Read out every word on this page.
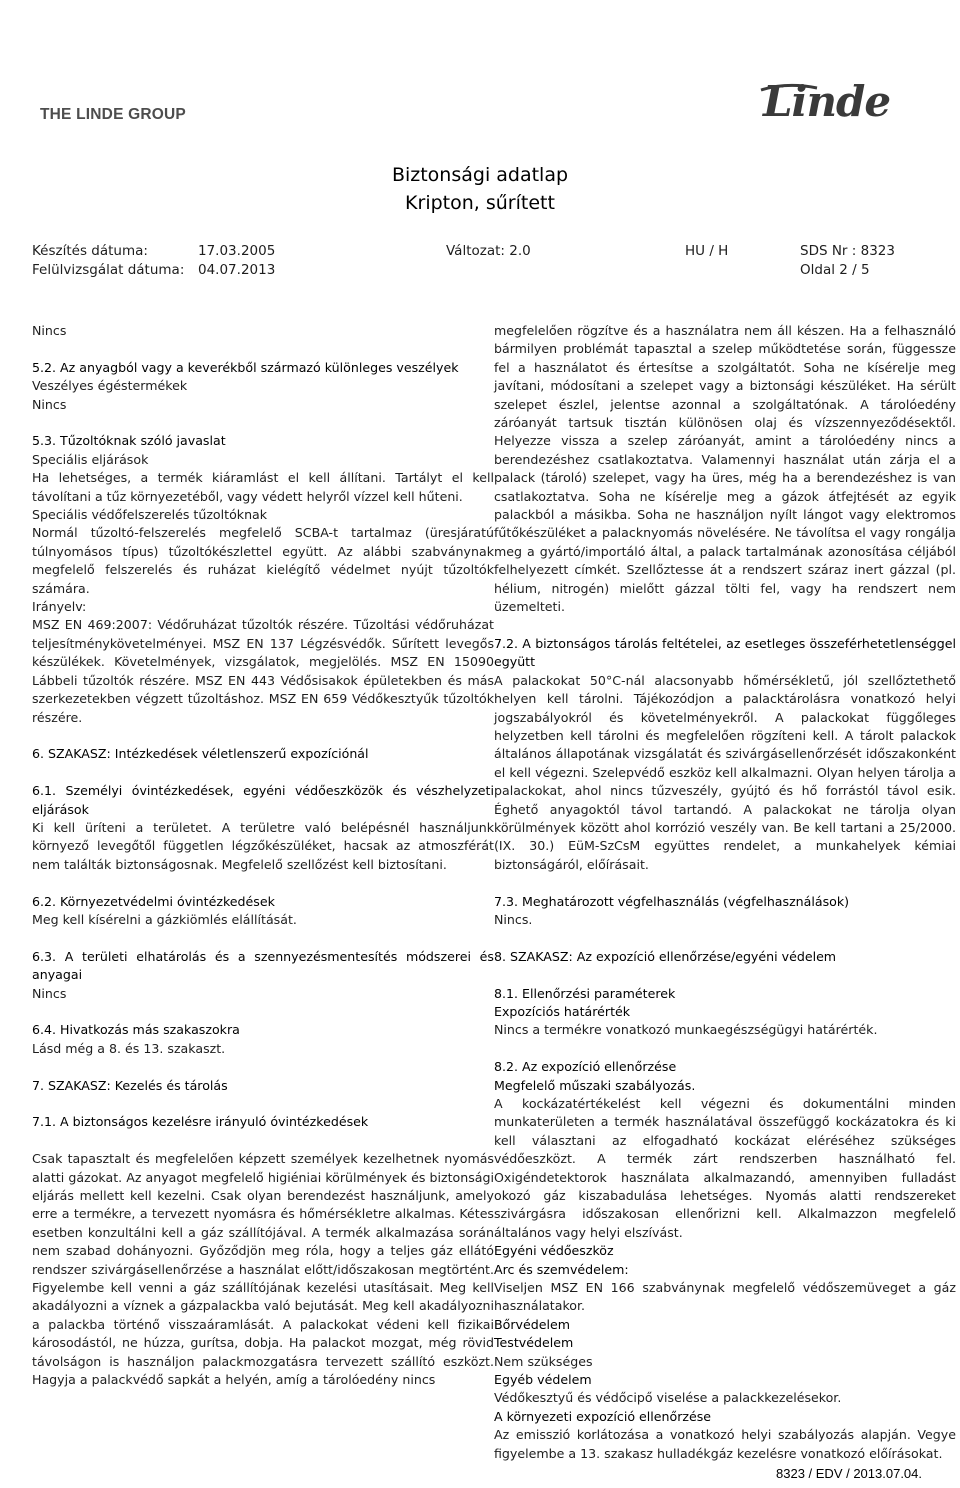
THE LINDE GROUP	Linde
Biztonsági adatlap
Kripton, sűrített
Készítés dátuma:	17.03.2005	Változat: 2.0	HU / H	SDS Nr : 8323
Felülvizsgálat dátuma: 04.07.2013	Oldal 2 / 5

Nincs

5.2. Az anyagból vagy a keverékből származó különleges veszélyek

Veszélyes égéstermékek

Nincs

5.3. Tűzoltóknak szóló javaslat

Speciális eljárások

Ha lehetséges, a termék kiáramlást el kell állítani. Tartályt el kell távolítani a tűz környezetéből, vagy védett helyről vízzel kell hűteni.

Speciális védőfelszerelés tűzoltóknak

Normál tűzoltó-felszerelés megfelelő SCBA-t tartalmaz (üresjáratú túlnyomásos típus) tűzoltókészlettel együtt. Az alábbi szabványnak megfelelő felszerelés és ruházat kielégítő védelmet nyújt tűzoltók számára.

Irányelv:

MSZ EN 469:2007: Védőruházat tűzoltók részére. Tűzoltási védőruházat teljesítménykövetelményei. MSZ EN 137 Légzésvédők. Sűrített levegős készülékek. Követelmények, vizsgálatok, megjelölés. MSZ EN 15090 Lábbeli tűzoltók részére. MSZ EN 443 Védősisakok épületekben és más szerkezetekben végzett tűzoltáshoz. MSZ EN 659 Védőkesztyűk tűzoltók részére.

6. SZAKASZ: Intézkedések véletlenszerű expozíciónál

6.1. Személyi óvintézkedések, egyéni védőeszközök és vészhelyzeti eljárások

Ki kell üríteni a területet. A területre való belépésnél használjunk környező levegőtől független légzőkészüléket, hacsak az atmoszférát nem találták biztonságosnak. Megfelelő szellőzést kell biztosítani.

6.2. Környezetvédelmi óvintézkedések

Meg kell kísérelni a gázkiömlés elállítását.

6.3. A területi elhatárolás és a szennyezésmentesítés módszerei és anyagai

Nincs

6.4. Hivatkozás más szakaszokra

Lásd még a 8. és 13. szakaszt.

7. SZAKASZ: Kezelés és tárolás

7.1. A biztonságos kezelésre irányuló óvintézkedések

Csak tapasztalt és megfelelően képzett személyek kezelhetnek nyomás alatti gázokat. Az anyagot megfelelő higiéniai körülmények és biztonsági eljárás mellett kell kezelni. Csak olyan berendezést használjunk, amely erre a termékre, a tervezett nyomásra és hőmérsékletre alkalmas. Kétes esetben konzultálni kell a gáz szállítójával. A termék alkalmazása során nem szabad dohányozni. Győződjön meg róla, hogy a teljes gáz ellátó rendszer szivárgásellenőrzése a használat előtt/időszakosan megtörtént. Figyelembe kell venni a gáz szállítójának kezelési utasításait. Meg kell akadályozni a víznek a gázpalackba való bejutását. Meg kell akadályozni a palackba történő visszaáramlását. A palackokat védeni kell fizikai károsodástól, ne húzza, gurítsa, dobja. Ha palackot mozgat, még rövid távolságon is használjon palackmozgatásra tervezett szállító eszközt. Hagyja a palackvédő sapkát a helyén, amíg a tárolóedény nincs

megfelelően rögzítve és a használatra nem áll készen. Ha a felhasználó bármilyen problémát tapasztal a szelep működtetése során, függessze fel a használatot és értesítse a szolgáltatót. Soha ne kísérelje meg javítani, módosítani a szelepet vagy a biztonsági készüléket. Ha sérült szelepet észlel, jelentse azonnal a szolgáltatónak. A tárolóedény záróanyát tartsuk tisztán különösen olaj és vízszennyeződésektől. Helyezze vissza a szelep záróanyát, amint a tárolóedény nincs a berendezéshez csatlakoztatva. Valamennyi használat után zárja el a palack (tároló) szelepet, vagy ha üres, még ha a berendezéshez is van csatlakoztatva. Soha ne kísérelje meg a gázok átfejtését az egyik palackból a másikba. Soha ne használjon nyílt lángot vagy elektromos fűtőkészüléket a palacknyomás növelésére. Ne távolítsa el vagy rongálja meg a gyártó/importáló által, a palack tartalmának azonosítása céljából felhelyezett címkét. Szellőztesse át a rendszert száraz inert gázzal (pl. hélium, nitrogén) mielőtt gázzal tölti fel, vagy ha rendszert nem üzemelteti.

7.2. A biztonságos tárolás feltételei, az esetleges összeférhetetlenséggel együtt

A palackokat 50°C-nál alacsonyabb hőmérsékletű, jól szellőztethető helyen kell tárolni. Tájékozódjon a palacktárolásra vonatkozó helyi jogszabályokról és követelményekről. A palackokat függőleges helyzetben kell tárolni és megfelelően rögzíteni kell. A tárolt palackok általános állapotának vizsgálatát és szivárgásellenőrzését időszakonként el kell végezni. Szelepvédő eszköz kell alkalmazni. Olyan helyen tárolja a palackokat, ahol nincs tűzveszély, gyújtó és hő forrástól távol esik. Éghető anyagoktól távol tartandó. A palackokat ne tárolja olyan körülmények között ahol korrózió veszély van. Be kell tartani a 25/2000. (IX. 30.) EüM-SzCsM együttes rendelet, a munkahelyek kémiai biztonságáról, előírásait.

7.3. Meghatározott végfelhasználás (végfelhasználások)

Nincs.

8. SZAKASZ: Az expozíció ellenőrzése/egyéni védelem

8.1. Ellenőrzési paraméterek

Expozíciós határérték

Nincs a termékre vonatkozó munkaegészségügyi határérték.

8.2. Az expozíció ellenőrzése

Megfelelő műszaki szabályozás.

A kockázatértékelést kell végezni és dokumentálni minden munkaterületen a termék használatával összefüggő kockázatokra és ki kell választani az elfogadható kockázat eléréséhez szükséges védőeszközt. A termék zárt rendszerben használható fel. Oxigéndetektorok használata alkalmazandó, amennyiben fulladást okozó gáz kiszabadulása lehetséges. Nyomás alatti rendszereket szivárgásra időszakosan ellenőrizni kell. Alkalmazzon megfelelő általános vagy helyi elszívást.

Egyéni védőeszköz

Arc és szemvédelem:

Viseljen MSZ EN 166 szabványnak megfelelő védőszemüveget a gáz használatakor.

Bőrvédelem

Testvédelem

Nem szükséges

Egyéb védelem

Védőkesztyű és védőcipő viselése a palackkezelésekor.

A környezeti expozíció ellenőrzése

Az emisszió korlátozása a vonatkozó helyi szabályozás alapján. Vegye figyelembe a 13. szakasz hulladékgáz kezelésre vonatkozó előírásokat.

8323 / EDV / 2013.07.04.
